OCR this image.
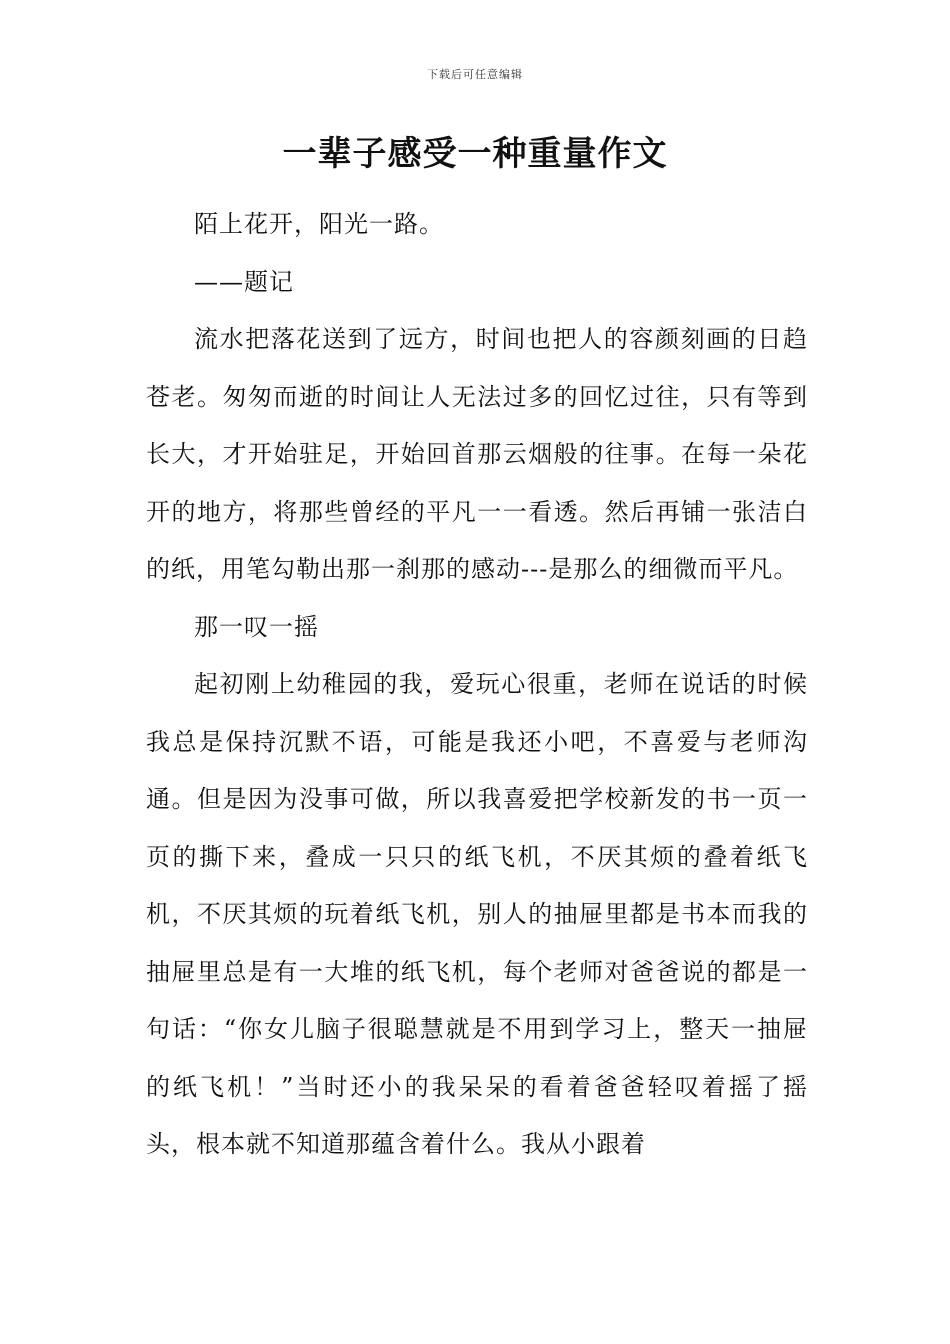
下载后可任意编辑
一辈子感受一种重量作文

陌上花开，阳光一路。

——题记

流水把落花送到了远方，时间也把人的容颜刻画的日趋苍老。匆匆而逝的时间让人无法过多的回忆过往，只有等到长大，才开始驻足，开始回首那云烟般的往事。在每一朵花开的地方，将那些曾经的平凡一一看透。然后再铺一张洁白的纸，用笔勾勒出那一刹那的感动---是那么的细微而平凡。

那一叹一摇

起初刚上幼稚园的我，爱玩心很重，老师在说话的时候我总是保持沉默不语，可能是我还小吧，不喜爱与老师沟通。但是因为没事可做，所以我喜爱把学校新发的书一页一页的撕下来，叠成一只只的纸飞机，不厌其烦的叠着纸飞机，不厌其烦的玩着纸飞机，别人的抽屉里都是书本而我的抽屉里总是有一大堆的纸飞机，每个老师对爸爸说的都是一句话：“你女儿脑子很聪慧就是不用到学习上，整天一抽屉的纸飞机！”当时还小的我呆呆的看着爸爸轻叹着摇了摇头，根本就不知道那蕴含着什么。我从小跟着
